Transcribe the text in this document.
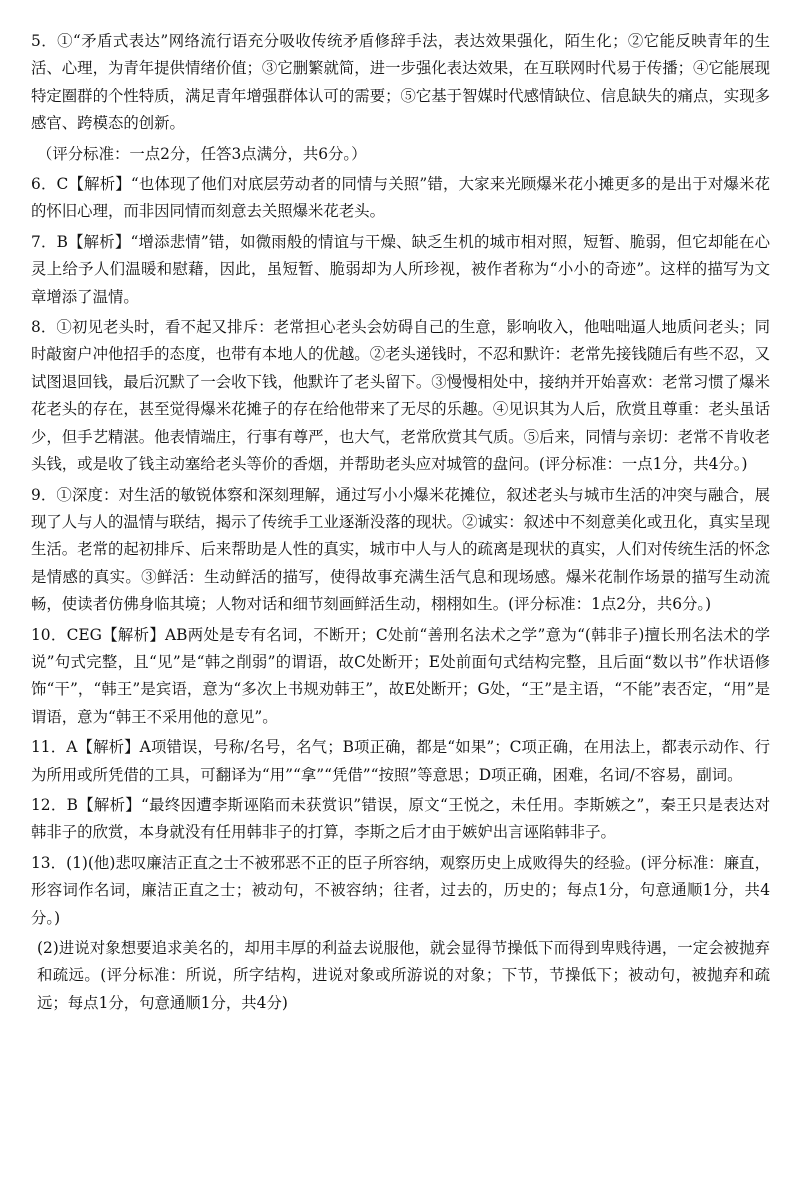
5．①“矛盾式表达”网络流行语充分吸收传统矛盾修辞手法，表达效果强化，陌生化；②它能反映青年的生活、心理，为青年提供情绪价值；③它删繁就简，进一步强化表达效果，在互联网时代易于传播；④它能展现特定圈群的个性特质，满足青年增强群体认可的需要；⑤它基于智媒时代感情缺位、信息缺失的痛点，实现多感官、跨模态的创新。

（评分标准：一点2分，任答3点满分，共6分。）

6．C【解析】“也体现了他们对底层劳动者的同情与关照”错，大家来光顾爆米花小摊更多的是出于对爆米花的怀旧心理，而非因同情而刻意去关照爆米花老头。

7．B【解析】“增添悲情”错，如微雨般的情谊与干燥、缺乏生机的城市相对照，短暂、脆弱，但它却能在心灵上给予人们温暖和慰藉，因此，虽短暂、脆弱却为人所珍视，被作者称为“小小的奇迹”。这样的描写为文章增添了温情。

8．①初见老头时，看不起又排斥：老常担心老头会妨碍自己的生意，影响收入，他咄咄逼人地质问老头；同时敲窗户冲他招手的态度，也带有本地人的优越。②老头递钱时，不忍和默许：老常先接钱随后有些不忍，又试图退回钱，最后沉默了一会收下钱，他默许了老头留下。③慢慢相处中，接纳并开始喜欢：老常习惯了爆米花老头的存在，甚至觉得爆米花摊子的存在给他带来了无尽的乐趣。④见识其为人后，欣赏且尊重：老头虽话少，但手艺精湛。他表情端庄，行事有尊严，也大气，老常欣赏其气质。⑤后来，同情与亲切：老常不肯收老头钱，或是收了钱主动塞给老头等价的香烟，并帮助老头应对城管的盘问。(评分标准：一点1分，共4分。)

9．①深度：对生活的敏锐体察和深刻理解，通过写小小爆米花摊位，叙述老头与城市生活的冲突与融合，展现了人与人的温情与联结，揭示了传统手工业逐渐没落的现状。②诚实：叙述中不刻意美化或丑化，真实呈现生活。老常的起初排斥、后来帮助是人性的真实，城市中人与人的疏离是现状的真实，人们对传统生活的怀念是情感的真实。③鲜活：生动鲜活的描写，使得故事充满生活气息和现场感。爆米花制作场景的描写生动流畅，使读者仿佛身临其境；人物对话和细节刻画鲜活生动，栩栩如生。(评分标准：1点2分，共6分。)

10．CEG【解析】AB两处是专有名词，不断开；C处前“善刑名法术之学”意为“(韩非子)擅长刑名法术的学说”句式完整，且“见”是“韩之削弱”的谓语，故C处断开；E处前面句式结构完整，且后面“数以书”作状语修饰“干”，“韩王”是宾语，意为“多次上书规劝韩王”，故E处断开；G处，“王”是主语，“不能”表否定，“用”是谓语，意为“韩王不采用他的意见”。

11．A【解析】A项错误，号称/名号，名气；B项正确，都是“如果”；C项正确，在用法上，都表示动作、行为所用或所凭借的工具，可翻译为“用”“拿”“凭借”“按照”等意思；D项正确，困难，名词/不容易，副词。

12．B【解析】“最终因遭李斯诬陷而未获赏识”错误，原文“王悦之，未任用。李斯嫉之”，秦王只是表达对韩非子的欣赏，本身就没有任用韩非子的打算，李斯之后才由于嫉妒出言诬陷韩非子。

13．(1)(他)悲叹廉洁正直之士不被邪恶不正的臣子所容纳，观察历史上成败得失的经验。(评分标准：廉直，形容词作名词，廉洁正直之士；被动句，不被容纳；往者，过去的，历史的；每点1分，句意通顺1分，共4分。)

(2)进说对象想要追求美名的，却用丰厚的利益去说服他，就会显得节操低下而得到卑贱待遇，一定会被抛弃和疏远。(评分标准：所说，所字结构，进说对象或所游说的对象；下节，节操低下；被动句，被抛弃和疏远；每点1分，句意通顺1分，共4分)
